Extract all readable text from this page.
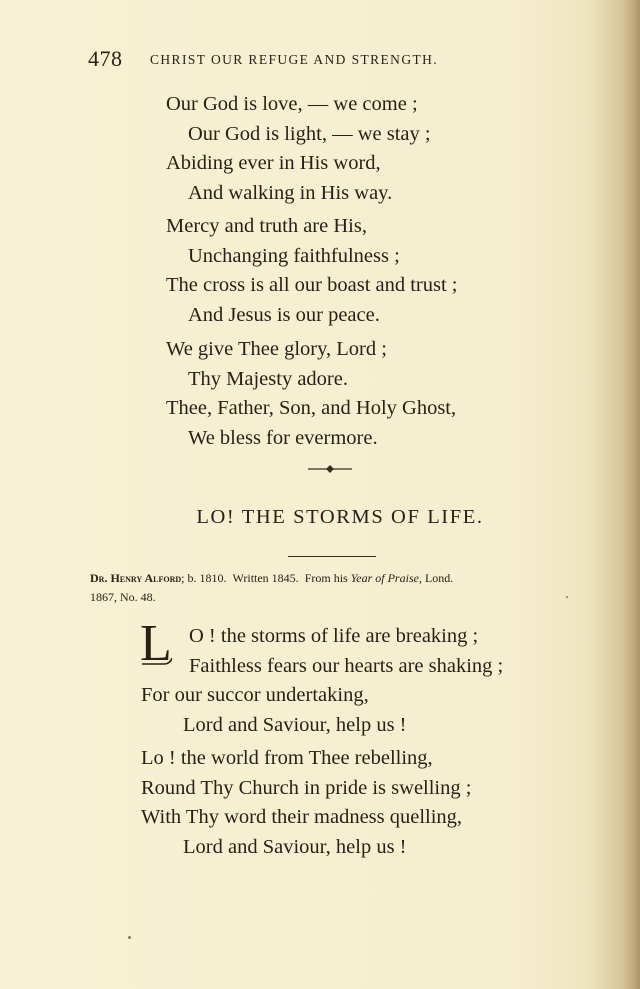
478 CHRIST OUR REFUGE AND STRENGTH.
Our God is love, — we come ;
Our God is light, — we stay ;
Abiding ever in His word,
And walking in His way.
Mercy and truth are His,
Unchanging faithfulness ;
The cross is all our boast and trust ;
And Jesus is our peace.
We give Thee glory, Lord ;
Thy Majesty adore.
Thee, Father, Son, and Holy Ghost,
We bless for evermore.
LO! THE STORMS OF LIFE.
Dr. Henry Alford; b. 1810. Written 1845. From his Year of Praise, Lond.
1867, No. 48.
L O ! the storms of life are breaking ;
Faithless fears our hearts are shaking ;
For our succor undertaking,
Lord and Saviour, help us !
Lo ! the world from Thee rebelling,
Round Thy Church in pride is swelling ;
With Thy word their madness quelling,
Lord and Saviour, help us !
